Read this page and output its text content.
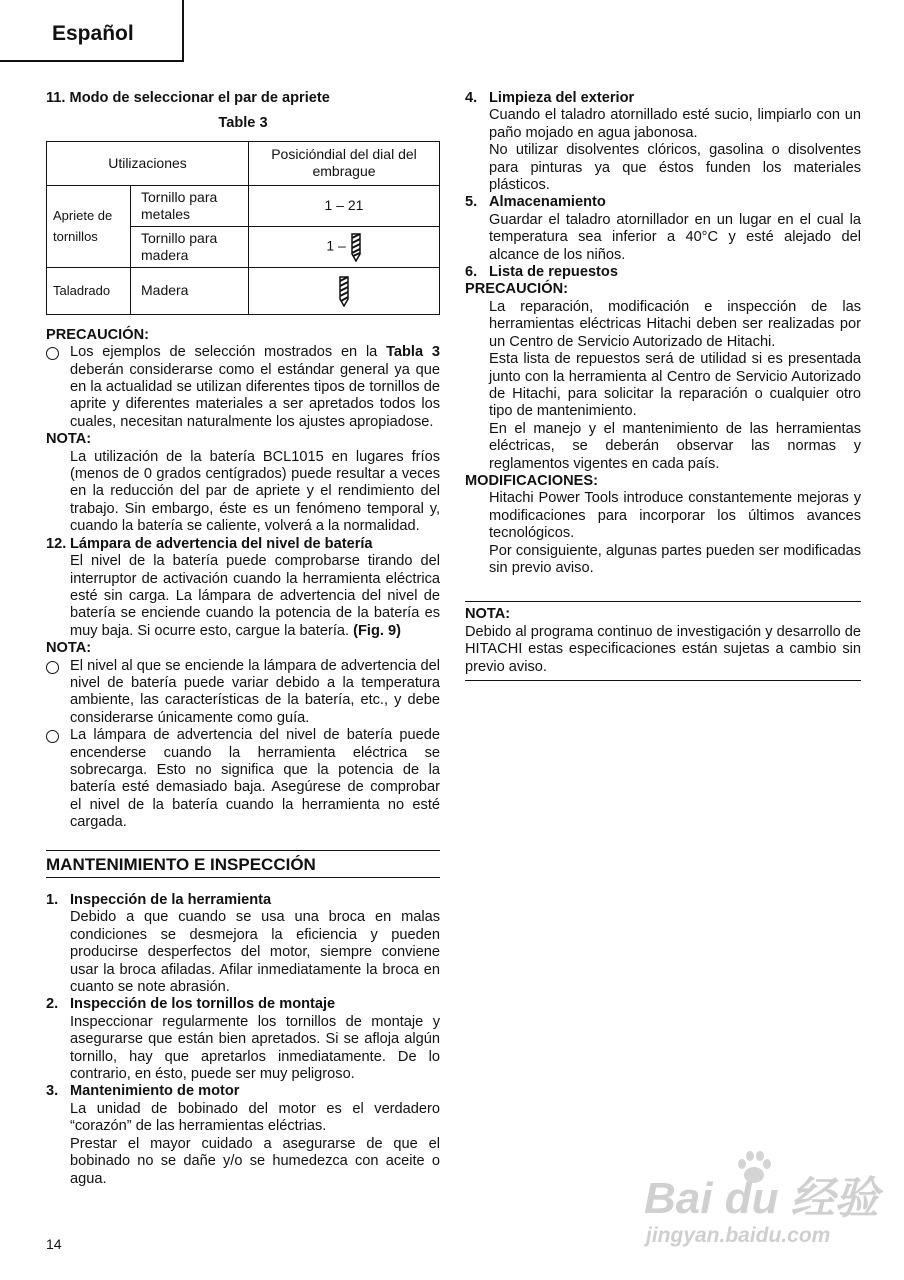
Español
11. Modo de seleccionar el par de apriete
Table 3
Utilizaciones		Posicióndial del dial del embrague
Apriete de tornillos	Tornillo para metales	1 – 21
	Tornillo para madera	1 –
Taladrado	Madera	
PRECAUCIÓN:
Los ejemplos de selección mostrados en la Tabla 3 deberán considerarse como el estándar general ya que en la actualidad se utilizan diferentes tipos de tornillos de aprite y diferentes materiales a ser apretados todos los cuales, necesitan naturalmente los ajustes apropiadose.
NOTA:
La utilización de la batería BCL1015 en lugares fríos (menos de 0 grados centígrados) puede resultar a veces en la reducción del par de apriete y el rendimiento del trabajo. Sin embargo, éste es un fenómeno temporal y, cuando la batería se caliente, volverá a la normalidad.
12. Lámpara de advertencia del nivel de batería
El nivel de la batería puede comprobarse tirando del interruptor de activación cuando la herramienta eléctrica esté sin carga. La lámpara de advertencia del nivel de batería se enciende cuando la potencia de la batería es muy baja. Si ocurre esto, cargue la batería. (Fig. 9)
NOTA:
El nivel al que se enciende la lámpara de advertencia del nivel de batería puede variar debido a la temperatura ambiente, las características de la batería, etc., y debe considerarse únicamente como guía.
La lámpara de advertencia del nivel de batería puede encenderse cuando la herramienta eléctrica se sobrecarga. Esto no significa que la potencia de la batería esté demasiado baja. Asegúrese de comprobar el nivel de la batería cuando la herramienta no esté cargada.
MANTENIMIENTO E INSPECCIÓN
1. Inspección de la herramienta
Debido a que cuando se usa una broca en malas condiciones se desmejora la eficiencia y pueden producirse desperfectos del motor, siempre conviene usar la broca afiladas. Afilar inmediatamente la broca en cuanto se note abrasión.
2. Inspección de los tornillos de montaje
Inspeccionar regularmente los tornillos de montaje y asegurarse que están bien apretados. Si se afloja algún tornillo, hay que apretarlos inmediatamente. De lo contrario, en ésto, puede ser muy peligroso.
3. Mantenimiento de motor
La unidad de bobinado del motor es el verdadero “corazón” de las herramientas eléctrias.
Prestar el mayor cuidado a asegurarse de que el bobinado no se dañe y/o se humedezca con aceite o agua.
4. Limpieza del exterior
Cuando el taladro atornillado esté sucio, limpiarlo con un paño mojado en agua jabonosa.
No utilizar disolventes clóricos, gasolina o disolventes para pinturas ya que éstos funden los materiales plásticos.
5. Almacenamiento
Guardar el taladro atornillador en un lugar en el cual la temperatura sea inferior a 40°C y esté alejado del alcance de los niños.
6. Lista de repuestos
PRECAUCIÓN:
La reparación, modificación e inspección de las herramientas eléctricas Hitachi deben ser realizadas por un Centro de Servicio Autorizado de Hitachi.
Esta lista de repuestos será de utilidad si es presentada junto con la herramienta al Centro de Servicio Autorizado de Hitachi, para solicitar la reparación o cualquier otro tipo de mantenimiento.
En el manejo y el mantenimiento de las herramientas eléctricas, se deberán observar las normas y reglamentos vigentes en cada país.
MODIFICACIONES:
Hitachi Power Tools introduce constantemente mejoras y modificaciones para incorporar los últimos avances tecnológicos.
Por consiguiente, algunas partes pueden ser modificadas sin previo aviso.
NOTA:
Debido al programa continuo de investigación y desarrollo de HITACHI estas especificaciones están sujetas a cambio sin previo aviso.
14
Bai du 经验
jingyan.baidu.com
